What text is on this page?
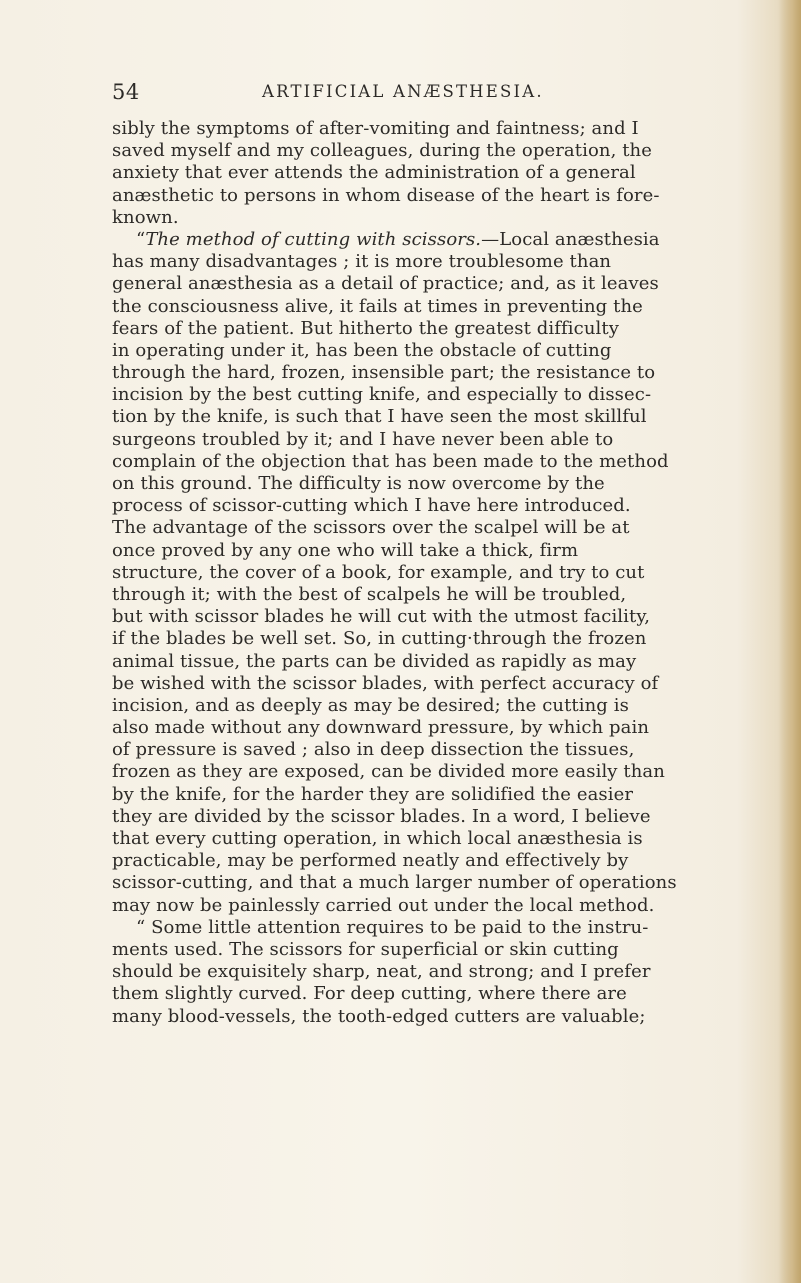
54	ARTIFICIAL ANÆSTHESIA.
sibly the symptoms of after-vomiting and faintness; and I
saved myself and my colleagues, during the operation, the
anxiety that ever attends the administration of a general
anæsthetic to persons in whom disease of the heart is fore-
known.
“The method of cutting with scissors.—Local anæsthesia
has many disadvantages ; it is more troublesome than
general anæsthesia as a detail of practice; and, as it leaves
the consciousness alive, it fails at times in preventing the
fears of the patient. But hitherto the greatest difficulty
in operating under it, has been the obstacle of cutting
through the hard, frozen, insensible part; the resistance to
incision by the best cutting knife, and especially to dissec-
tion by the knife, is such that I have seen the most skillful
surgeons troubled by it; and I have never been able to
complain of the objection that has been made to the method
on this ground. The difficulty is now overcome by the
process of scissor-cutting which I have here introduced.
The advantage of the scissors over the scalpel will be at
once proved by any one who will take a thick, firm
structure, the cover of a book, for example, and try to cut
through it; with the best of scalpels he will be troubled,
but with scissor blades he will cut with the utmost facility,
if the blades be well set. So, in cutting·through the frozen
animal tissue, the parts can be divided as rapidly as may
be wished with the scissor blades, with perfect accuracy of
incision, and as deeply as may be desired; the cutting is
also made without any downward pressure, by which pain
of pressure is saved ; also in deep dissection the tissues,
frozen as they are exposed, can be divided more easily than
by the knife, for the harder they are solidified the easier
they are divided by the scissor blades. In a word, I believe
that every cutting operation, in which local anæsthesia is
practicable, may be performed neatly and effectively by
scissor-cutting, and that a much larger number of operations
may now be painlessly carried out under the local method.
“ Some little attention requires to be paid to the instru-
ments used. The scissors for superficial or skin cutting
should be exquisitely sharp, neat, and strong; and I prefer
them slightly curved. For deep cutting, where there are
many blood-vessels, the tooth-edged cutters are valuable;
